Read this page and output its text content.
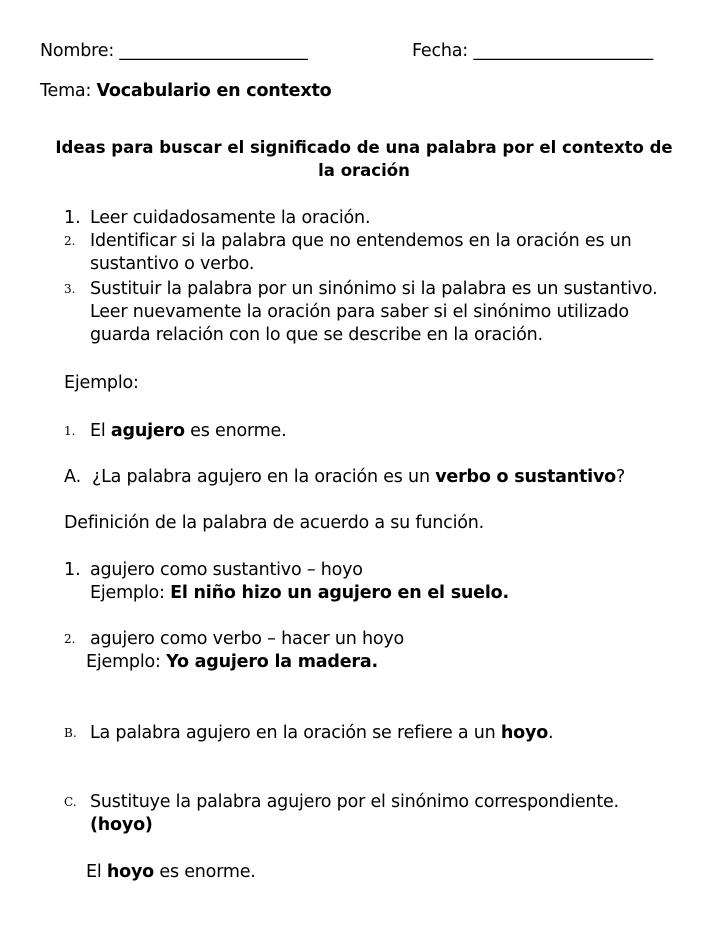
Nombre: ______________________	Fecha: _____________________
Tema: Vocabulario en contexto
Ideas para buscar el significado de una palabra por el contexto de
la oración
1. Leer cuidadosamente la oración.
2. Identificar si la palabra que no entendemos en la oración es un
sustantivo o verbo.
3. Sustituir la palabra por un sinónimo si la palabra es un sustantivo.
Leer nuevamente la oración para saber si el sinónimo utilizado
guarda relación con lo que se describe en la oración.
Ejemplo:
1. El agujero es enorme.
A. ¿La palabra agujero en la oración es un verbo o sustantivo?
Definición de la palabra de acuerdo a su función.
1. agujero como sustantivo – hoyo
Ejemplo: El niño hizo un agujero en el suelo.
2. agujero como verbo – hacer un hoyo
Ejemplo: Yo agujero la madera.
B. La palabra agujero en la oración se refiere a un hoyo.
C. Sustituye la palabra agujero por el sinónimo correspondiente.
(hoyo)
El hoyo es enorme.
